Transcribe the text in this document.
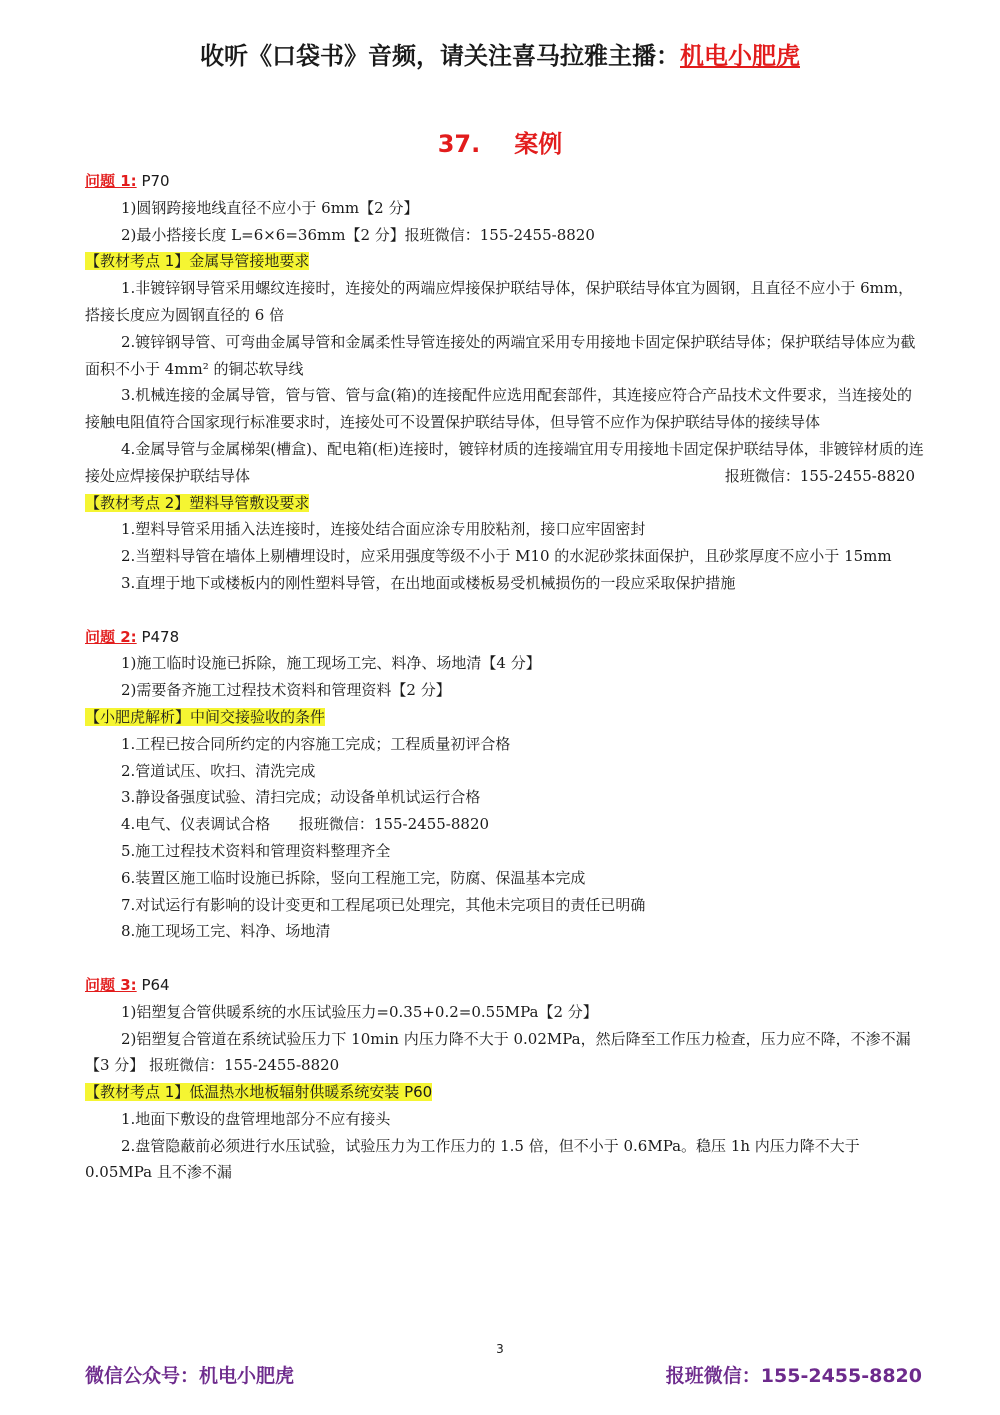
收听《口袋书》音频，请关注喜马拉雅主播：机电小肥虎
37. 案例

问题 1: P70

1)圆钢跨接地线直径不应小于 6mm【2 分】

2)最小搭接长度 L=6×6=36mm【2 分】报班微信：155-2455-8820

【教材考点 1】金属导管接地要求

1.非镀锌钢导管采用螺纹连接时，连接处的两端应焊接保护联结导体，保护联结导体宜为圆钢，且直径不应小于 6mm，搭接长度应为圆钢直径的 6 倍

2.镀锌钢导管、可弯曲金属导管和金属柔性导管连接处的两端宜采用专用接地卡固定保护联结导体；保护联结导体应为截面积不小于 4mm² 的铜芯软导线

3.机械连接的金属导管，管与管、管与盒(箱)的连接配件应选用配套部件，其连接应符合产品技术文件要求，当连接处的接触电阻值符合国家现行标准要求时，连接处可不设置保护联结导体，但导管不应作为保护联结导体的接续导体

4.金属导管与金属梯架(槽盒)、配电箱(柜)连接时，镀锌材质的连接端宜用专用接地卡固定保护联结导体，非镀锌材质的连接处应焊接保护联结导体	报班微信：155-2455-8820

【教材考点 2】塑料导管敷设要求

1.塑料导管采用插入法连接时，连接处结合面应涂专用胶粘剂，接口应牢固密封

2.当塑料导管在墙体上剔槽埋设时，应采用强度等级不小于 M10 的水泥砂浆抹面保护，且砂浆厚度不应小于 15mm

3.直埋于地下或楼板内的刚性塑料导管，在出地面或楼板易受机械损伤的一段应采取保护措施

问题 2: P478

1)施工临时设施已拆除，施工现场工完、料净、场地清【4 分】

2)需要备齐施工过程技术资料和管理资料【2 分】

【小肥虎解析】中间交接验收的条件

1.工程已按合同所约定的内容施工完成；工程质量初评合格

2.管道试压、吹扫、清洗完成

3.静设备强度试验、清扫完成；动设备单机试运行合格

4.电气、仪表调试合格      报班微信：155-2455-8820

5.施工过程技术资料和管理资料整理齐全

6.装置区施工临时设施已拆除，竖向工程施工完，防腐、保温基本完成

7.对试运行有影响的设计变更和工程尾项已处理完，其他未完项目的责任已明确

8.施工现场工完、料净、场地清

问题 3: P64

1)铝塑复合管供暖系统的水压试验压力=0.35+0.2=0.55MPa【2 分】

2)铝塑复合管道在系统试验压力下 10min 内压力降不大于 0.02MPa，然后降至工作压力检查，压力应不降，不渗不漏【3 分】 报班微信：155-2455-8820

【教材考点 1】低温热水地板辐射供暖系统安装 P60

1.地面下敷设的盘管埋地部分不应有接头

2.盘管隐蔽前必须进行水压试验，试验压力为工作压力的 1.5 倍，但不小于 0.6MPa。稳压 1h 内压力降不大于 0.05MPa 且不渗不漏

3
微信公众号：机电小肥虎	报班微信：155-2455-8820
